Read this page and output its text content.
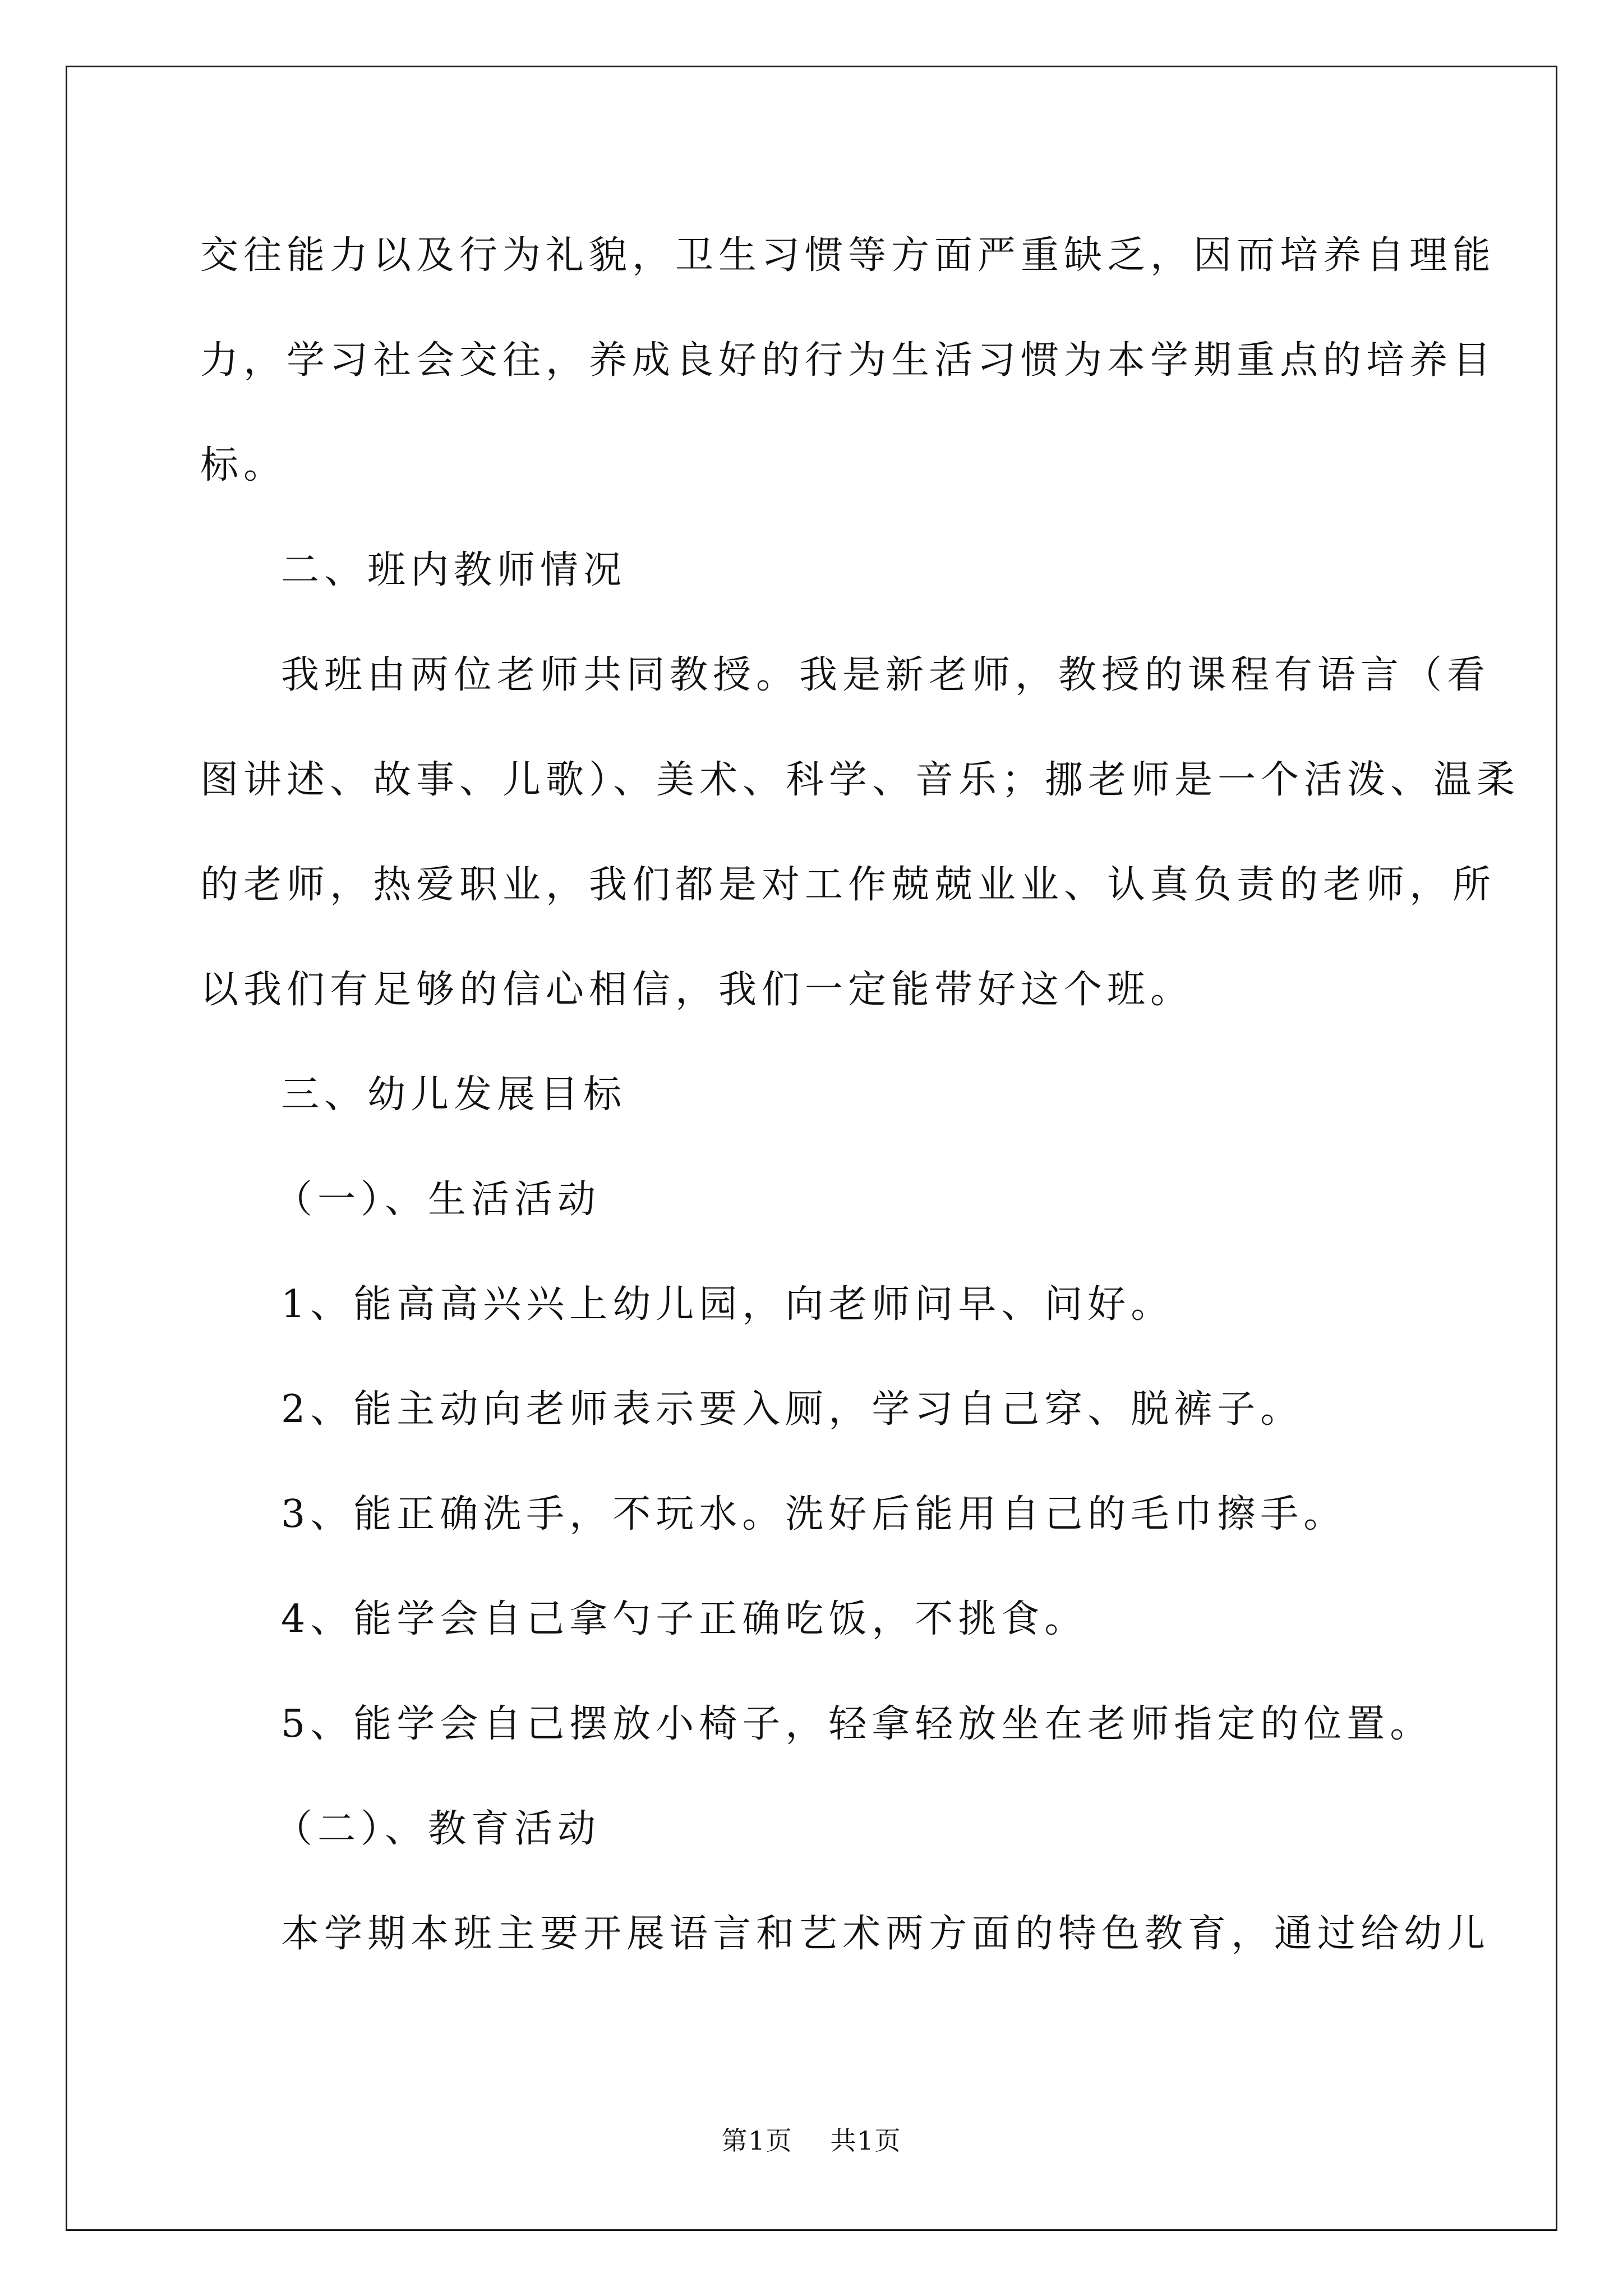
交往能力以及行为礼貌，卫生习惯等方面严重缺乏，因而培养自理能
力，学习社会交往，养成良好的行为生活习惯为本学期重点的培养目
标。
二、班内教师情况
我班由两位老师共同教授。我是新老师，教授的课程有语言（看
图讲述、故事、儿歌）、美术、科学、音乐；挪老师是一个活泼、温柔
的老师，热爱职业，我们都是对工作兢兢业业、认真负责的老师，所
以我们有足够的信心相信，我们一定能带好这个班。
三、幼儿发展目标
（一）、生活活动
1、能高高兴兴上幼儿园，向老师问早、问好。
2、能主动向老师表示要入厕，学习自己穿、脱裤子。
3、能正确洗手，不玩水。洗好后能用自己的毛巾擦手。
4、能学会自己拿勺子正确吃饭，不挑食。
5、能学会自己摆放小椅子，轻拿轻放坐在老师指定的位置。
（二）、教育活动
本学期本班主要开展语言和艺术两方面的特色教育，通过给幼儿
第1页 共1页
